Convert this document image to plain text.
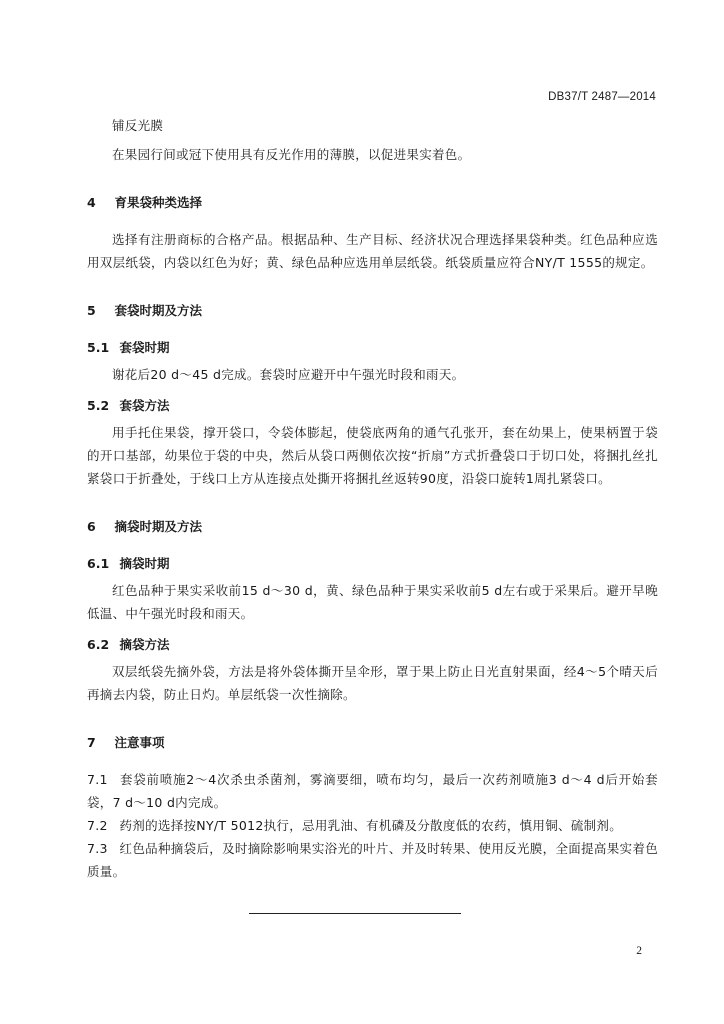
DB37/T 2487—2014
铺反光膜
在果园行间或冠下使用具有反光作用的薄膜，以促进果实着色。
4 育果袋种类选择
选择有注册商标的合格产品。根据品种、生产目标、经济状况合理选择果袋种类。红色品种应选用双层纸袋，内袋以红色为好；黄、绿色品种应选用单层纸袋。纸袋质量应符合NY/T 1555的规定。
5 套袋时期及方法
5.1 套袋时期
谢花后20 d～45 d完成。套袋时应避开中午强光时段和雨天。
5.2 套袋方法
用手托住果袋，撑开袋口，令袋体膨起，使袋底两角的通气孔张开，套在幼果上，使果柄置于袋的开口基部，幼果位于袋的中央，然后从袋口两侧依次按“折扇”方式折叠袋口于切口处，将捆扎丝扎紧袋口于折叠处，于线口上方从连接点处撕开将捆扎丝返转90度，沿袋口旋转1周扎紧袋口。
6 摘袋时期及方法
6.1 摘袋时期
红色品种于果实采收前15 d～30 d，黄、绿色品种于果实采收前5 d左右或于采果后。避开早晚低温、中午强光时段和雨天。
6.2 摘袋方法
双层纸袋先摘外袋，方法是将外袋体撕开呈伞形，罩于果上防止日光直射果面，经4～5个晴天后再摘去内袋，防止日灼。单层纸袋一次性摘除。
7 注意事项
7.1 套袋前喷施2～4次杀虫杀菌剂，雾滴要细，喷布均匀，最后一次药剂喷施3 d～4 d后开始套袋，7 d～10 d内完成。
7.2 药剂的选择按NY/T 5012执行，忌用乳油、有机磷及分散度低的农药，慎用铜、硫制剂。
7.3 红色品种摘袋后，及时摘除影响果实浴光的叶片、并及时转果、使用反光膜，全面提高果实着色质量。
2
